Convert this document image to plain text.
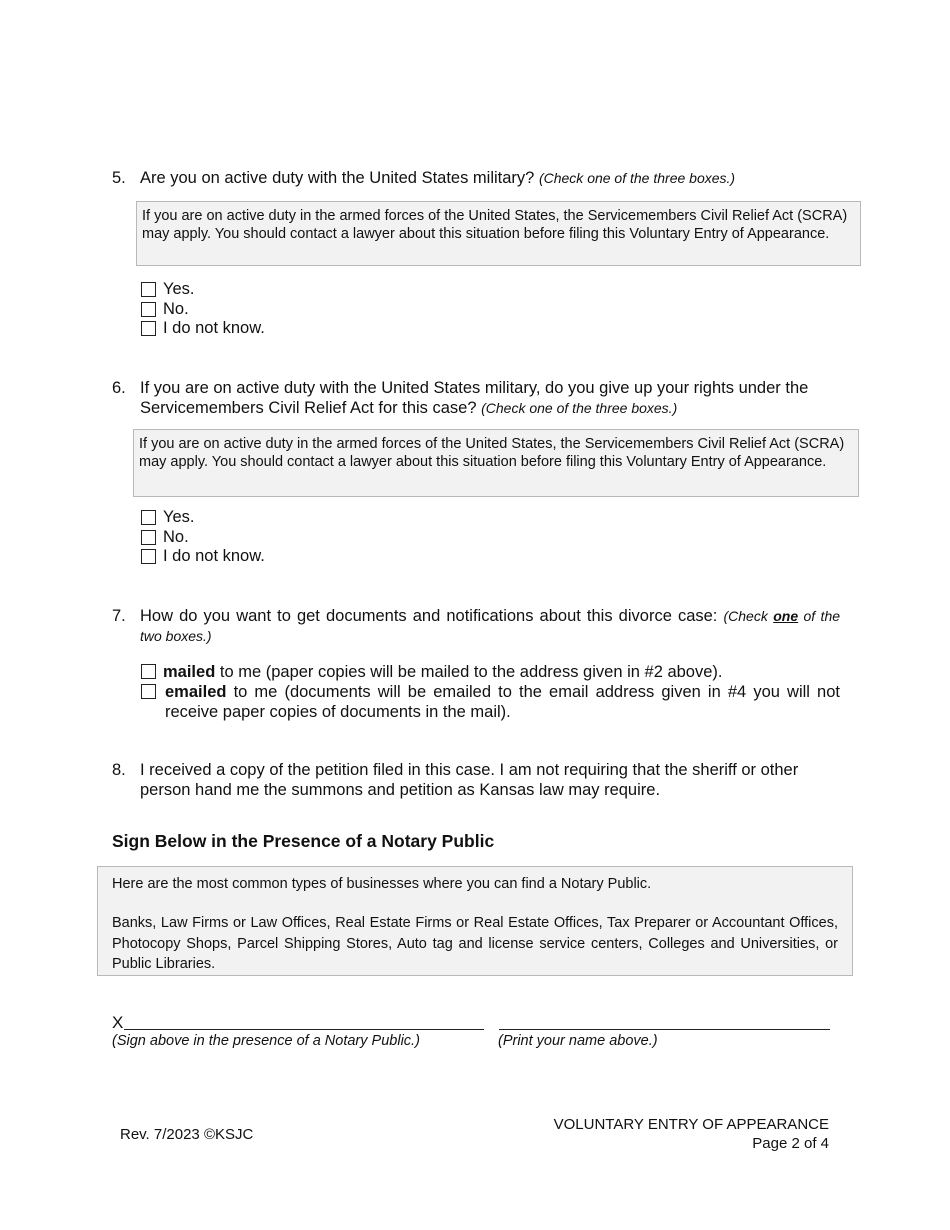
5. Are you on active duty with the United States military? (Check one of the three boxes.)
If you are on active duty in the armed forces of the United States, the Servicemembers Civil Relief Act (SCRA) may apply. You should contact a lawyer about this situation before filing this Voluntary Entry of Appearance.
Yes.
No.
I do not know.
6. If you are on active duty with the United States military, do you give up your rights under the Servicemembers Civil Relief Act for this case? (Check one of the three boxes.)
If you are on active duty in the armed forces of the United States, the Servicemembers Civil Relief Act (SCRA) may apply. You should contact a lawyer about this situation before filing this Voluntary Entry of Appearance.
Yes.
No.
I do not know.
7. How do you want to get documents and notifications about this divorce case: (Check one of the two boxes.)
mailed to me (paper copies will be mailed to the address given in #2 above).
emailed to me (documents will be emailed to the email address given in #4 you will not receive paper copies of documents in the mail).
8. I received a copy of the petition filed in this case. I am not requiring that the sheriff or other person hand me the summons and petition as Kansas law may require.
Sign Below in the Presence of a Notary Public
Here are the most common types of businesses where you can find a Notary Public.
Banks, Law Firms or Law Offices, Real Estate Firms or Real Estate Offices, Tax Preparer or Accountant Offices, Photocopy Shops, Parcel Shipping Stores, Auto tag and license service centers, Colleges and Universities, or Public Libraries.
X
(Sign above in the presence of a Notary Public.)	(Print your name above.)
Rev. 7/2023 ©KSJC
VOLUNTARY ENTRY OF APPEARANCE
Page 2 of 4
